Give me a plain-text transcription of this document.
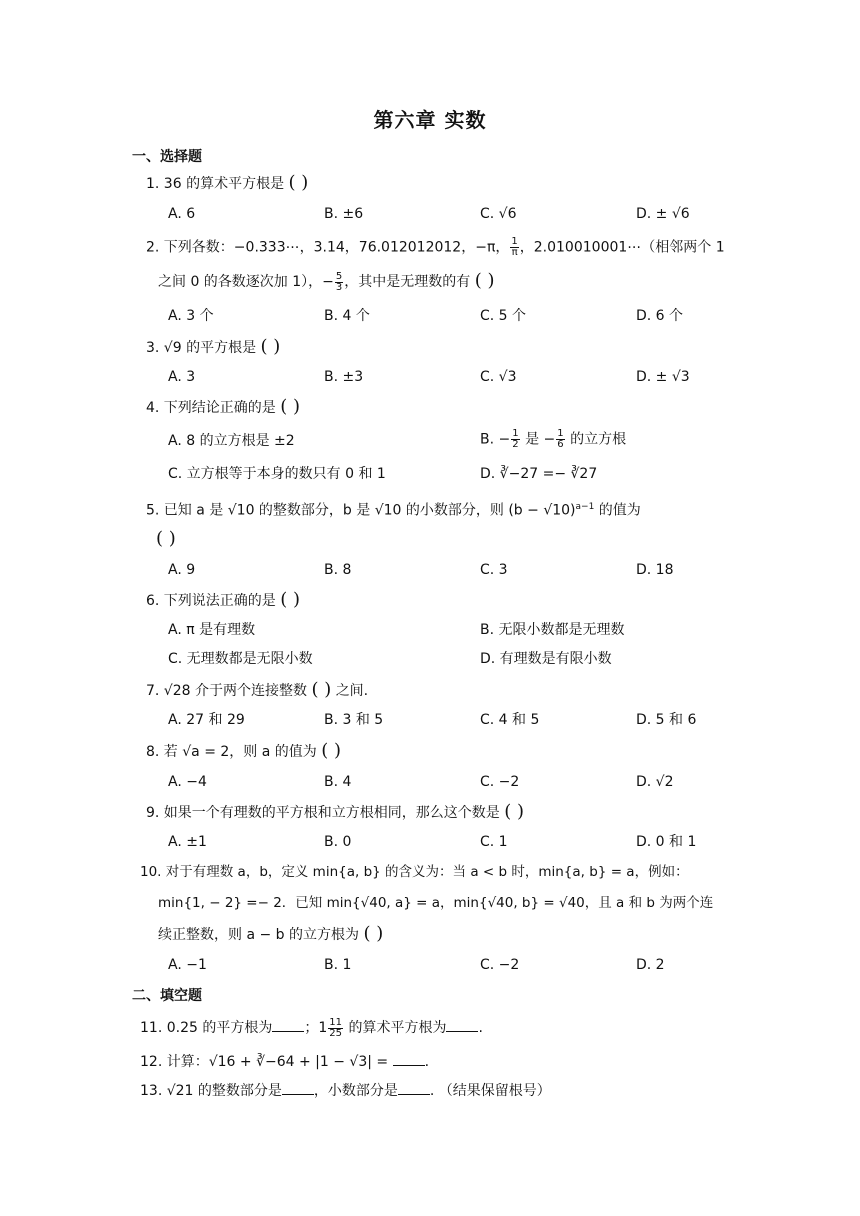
第六章 实数
一、选择题
1. 36 的算术平方根是 ( )
A. 6	B. ±6	C. √6	D. ± √6
2. 下列各数：−0.333⋯，3.14，76.012012012，−π， $\frac{1}{\pi}$ ，2.010010001⋯（相邻两个 1
之间 0 的各数逐次加 1），− $\frac{5}{3}$ ，其中是无理数的有 ( )
A. 3 个	B. 4 个	C. 5 个	D. 6 个
3. √9 的平方根是 ( )
A. 3	B. ±3	C. √3	D. ± √3
4. 下列结论正确的是 ( )
A. 8 的立方根是 ±2	B. − $\frac{1}{2}$ 是 − $\frac{1}{6}$ 的立方根
C. 立方根等于本身的数只有 0 和 1	D. ∛−27 =− ∛27
5. 已知 a 是 √10 的整数部分，b 是 √10 的小数部分，则 $(b - √10)^{a-1}$ 的值为
( )
A. 9	B. 8	C. 3	D. 18
6. 下列说法正确的是 ( )
A. π 是有理数	B. 无限小数都是无理数
C. 无理数都是无限小数	D. 有理数是有限小数
7. √28 介于两个连接整数 ( ) 之间.
A. 27 和 29	B. 3 和 5	C. 4 和 5	D. 5 和 6
8. 若 √a = 2，则 a 的值为 ( )
A. −4	B. 4	C. −2	D. √2
9. 如果一个有理数的平方根和立方根相同，那么这个数是 ( )
A. ±1	B. 0	C. 1	D. 0 和 1
10. 对于有理数 a，b，定义 min{a, b} 的含义为：当 a < b 时，min{a, b} = a，例如：
min{1, − 2} =− 2．已知 min{√40, a} = a，min{√40, b} = √40，且 a 和 b 为两个连
续正整数，则 a − b 的立方根为 ( )
A. −1	B. 1	C. −2	D. 2
二、填空题
11. 0.25 的平方根为 ；$1 \frac{11}{25}$ 的算术平方根为 .
12. 计算：√16 + ∛−64 + |1 − √3| = .
13. √21 的整数部分是 ，小数部分是 . （结果保留根号）
